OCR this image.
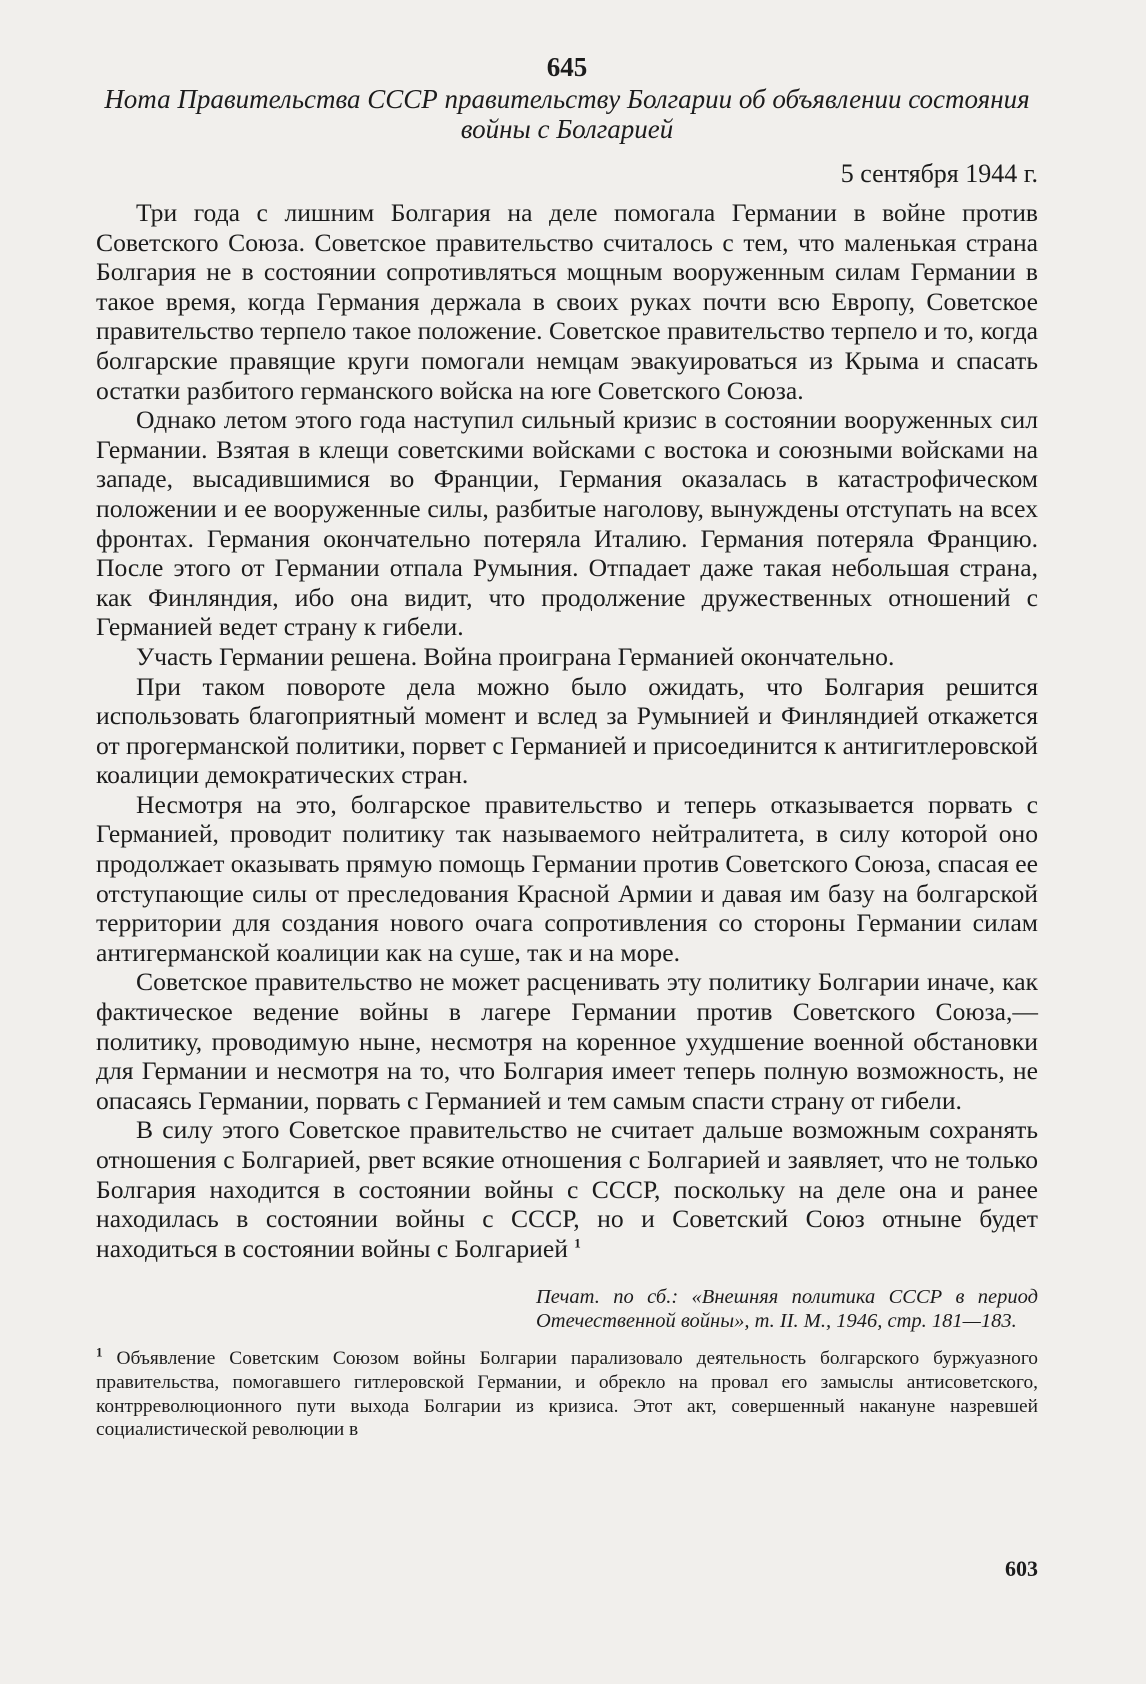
645
Нота Правительства СССР правительству Болгарии об объявлении состояния войны с Болгарией
5 сентября 1944 г.

Три года с лишним Болгария на деле помогала Германии в войне против Советского Союза. Советское правительство считалось с тем, что маленькая страна Болгария не в состоянии сопротивляться мощным вооруженным силам Германии в такое время, когда Германия держала в своих руках почти всю Европу, Советское правительство терпело такое положение. Советское правительство терпело и то, когда болгарские правящие круги помогали немцам эвакуироваться из Крыма и спасать остатки разбитого германского войска на юге Советского Союза.

Однако летом этого года наступил сильный кризис в состоянии вооруженных сил Германии. Взятая в клещи советскими войсками с востока и союзными войсками на западе, высадившимися во Франции, Германия оказалась в катастрофическом положении и ее вооруженные силы, разбитые наголову, вынуждены отступать на всех фронтах. Германия окончательно потеряла Италию. Германия потеряла Францию. После этого от Германии отпала Румыния. Отпадает даже такая небольшая страна, как Финляндия, ибо она видит, что продолжение дружественных отношений с Германией ведет страну к гибели.

Участь Германии решена. Война проиграна Германией окончательно.

При таком повороте дела можно было ожидать, что Болгария решится использовать благоприятный момент и вслед за Румынией и Финляндией откажется от прогерманской политики, порвет с Германией и присоединится к антигитлеровской коалиции демократических стран.

Несмотря на это, болгарское правительство и теперь отказывается порвать с Германией, проводит политику так называемого нейтралитета, в силу которой оно продолжает оказывать прямую помощь Германии против Советского Союза, спасая ее отступающие силы от преследования Красной Армии и давая им базу на болгарской территории для создания нового очага сопротивления со стороны Германии силам антигерманской коалиции как на суше, так и на море.

Советское правительство не может расценивать эту политику Болгарии иначе, как фактическое ведение войны в лагере Германии против Советского Союза,— политику, проводимую ныне, несмотря на коренное ухудшение военной обстановки для Германии и несмотря на то, что Болгария имеет теперь полную возможность, не опасаясь Германии, порвать с Германией и тем самым спасти страну от гибели.

В силу этого Советское правительство не считает дальше возможным сохранять отношения с Болгарией, рвет всякие отношения с Болгарией и заявляет, что не только Болгария находится в состоянии войны с СССР, поскольку на деле она и ранее находилась в состоянии войны с СССР, но и Советский Союз отныне будет находиться в состоянии войны с Болгарией $^1$

Печат. по сб.: «Внешняя политика СССР в период Отечественной войны», т. II. М., 1946, стр. 181—183.
$^1$ Объявление Советским Союзом войны Болгарии парализовало деятельность болгарского буржуазного правительства, помогавшего гитлеровской Германии, и обрекло на провал его замыслы антисоветского, контрреволюционного пути выхода Болгарии из кризиса. Этот акт, совершенный накануне назревшей социалистической революции в
603
